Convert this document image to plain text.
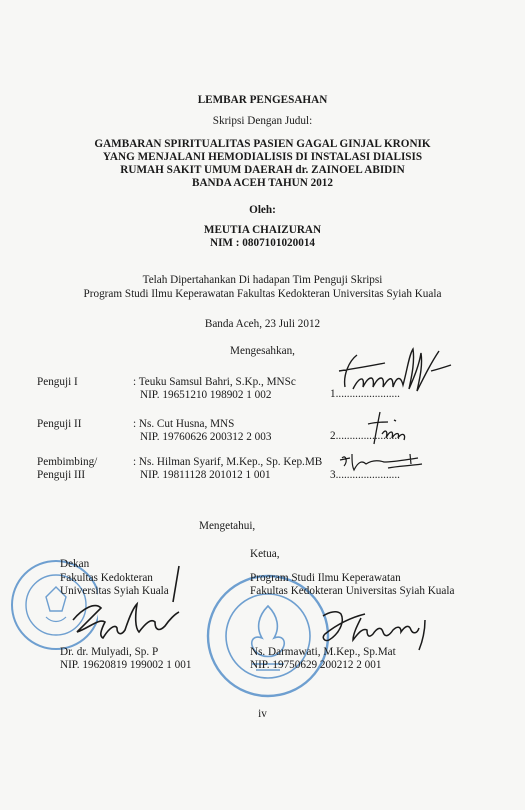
LEMBAR PENGESAHAN
Skripsi Dengan Judul:
GAMBARAN SPIRITUALITAS PASIEN GAGAL GINJAL KRONIK
YANG MENJALANI HEMODIALISIS DI INSTALASI DIALISIS
RUMAH SAKIT UMUM DAERAH dr. ZAINOEL ABIDIN
BANDA ACEH TAHUN 2012
Oleh:
MEUTIA CHAIZURAN
NIM : 0807101020014
Telah Dipertahankan Di hadapan Tim Penguji Skripsi
Program Studi Ilmu Keperawatan Fakultas Kedokteran Universitas Syiah Kuala
Banda Aceh, 23 Juli 2012
Mengesahkan,
Penguji I	: Teuku Samsul Bahri, S.Kp., MNSc
NIP. 19651210 198902 1 002	1.......................
Penguji II	: Ns. Cut Husna, MNS
NIP. 19760626 200312 2 003	2.......................
Pembimbing/
Penguji III
: Ns. Hilman Syarif, M.Kep., Sp. Kep.MB
NIP. 19811128 201012 1 001	3.......................
Mengetahui,
Dekan
Fakultas Kedokteran
Universitas Syiah Kuala
Dr. dr. Mulyadi, Sp. P
NIP. 19620819 199002 1 001
Ketua,
Program Studi Ilmu Keperawatan
Fakultas Kedokteran Universitas Syiah Kuala
Ns. Darmawati, M.Kep., Sp.Mat
NIP. 19750629 200212 2 001
iv
